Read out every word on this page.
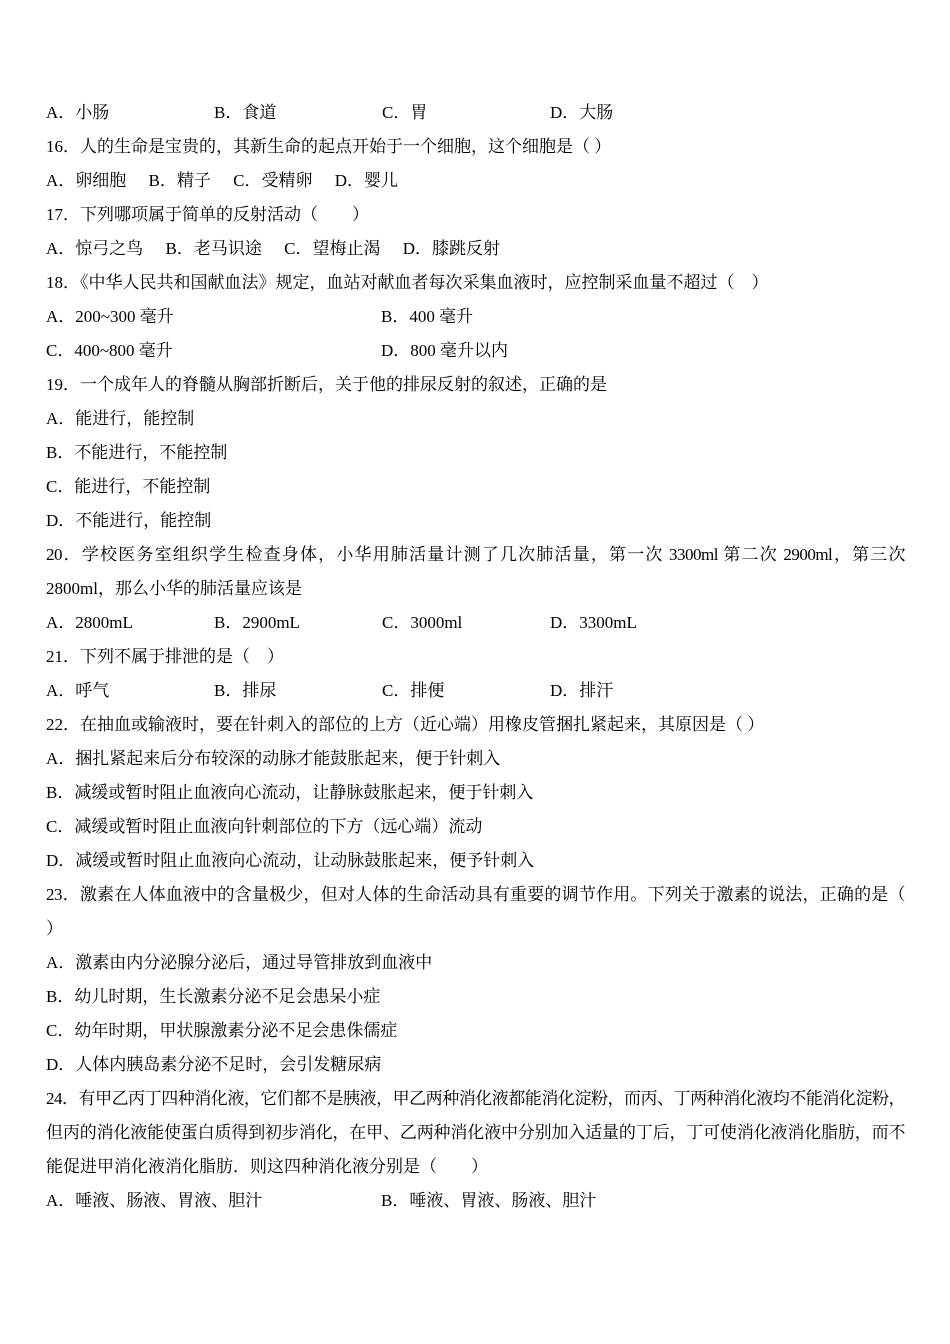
A．小肠	B．食道	C．胃	D．大肠
16．人的生命是宝贵的，其新生命的起点开始于一个细胞，这个细胞是（ ）
A．卵细胞 B．精子 C．受精卵 D．婴儿
17．下列哪项属于简单的反射活动（　　）
A．惊弓之鸟 B．老马识途 C．望梅止渴 D．膝跳反射
18．《中华人民共和国献血法》规定，血站对献血者每次采集血液时，应控制采血量不超过（　）
A．200~300 毫升	B．400 毫升
C．400~800 毫升	D．800 毫升以内
19．一个成年人的脊髓从胸部折断后，关于他的排尿反射的叙述，正确的是
A．能进行，能控制
B．不能进行，不能控制
C．能进行，不能控制
D．不能进行，能控制
20．学校医务室组织学生检查身体，小华用肺活量计测了几次肺活量，第一次 3300ml 第二次 2900ml，第三次
2800ml，那么小华的肺活量应该是
A．2800mL	B．2900mL	C．3000ml	D．3300mL
21．下列不属于排泄的是（　）
A．呼气	B．排尿	C．排便	D．排汗
22．在抽血或输液时，要在针刺入的部位的上方（近心端）用橡皮管捆扎紧起来，其原因是（ ）
A．捆扎紧起来后分布较深的动脉才能鼓胀起来，便于针刺入
B．减缓或暂时阻止血液向心流动，让静脉鼓胀起来，便于针刺入
C．减缓或暂时阻止血液向针刺部位的下方（远心端）流动
D．减缓或暂时阻止血液向心流动，让动脉鼓胀起来，便予针刺入
23．激素在人体血液中的含量极少，但对人体的生命活动具有重要的调节作用。下列关于激素的说法，正确的是（
）
A．激素由内分泌腺分泌后，通过导管排放到血液中
B．幼儿时期，生长激素分泌不足会患呆小症
C．幼年时期，甲状腺激素分泌不足会患侏儒症
D．人体内胰岛素分泌不足时，会引发糖尿病
24．有甲乙丙丁四种消化液，它们都不是胰液，甲乙两种消化液都能消化淀粉，而丙、丁两种消化液均不能消化淀粉，
但丙的消化液能使蛋白质得到初步消化，在甲、乙两种消化液中分别加入适量的丁后，丁可使消化液消化脂肪，而不
能促进甲消化液消化脂肪．则这四种消化液分别是（　　）
A．唾液、肠液、胃液、胆汁	B．唾液、胃液、肠液、胆汁
